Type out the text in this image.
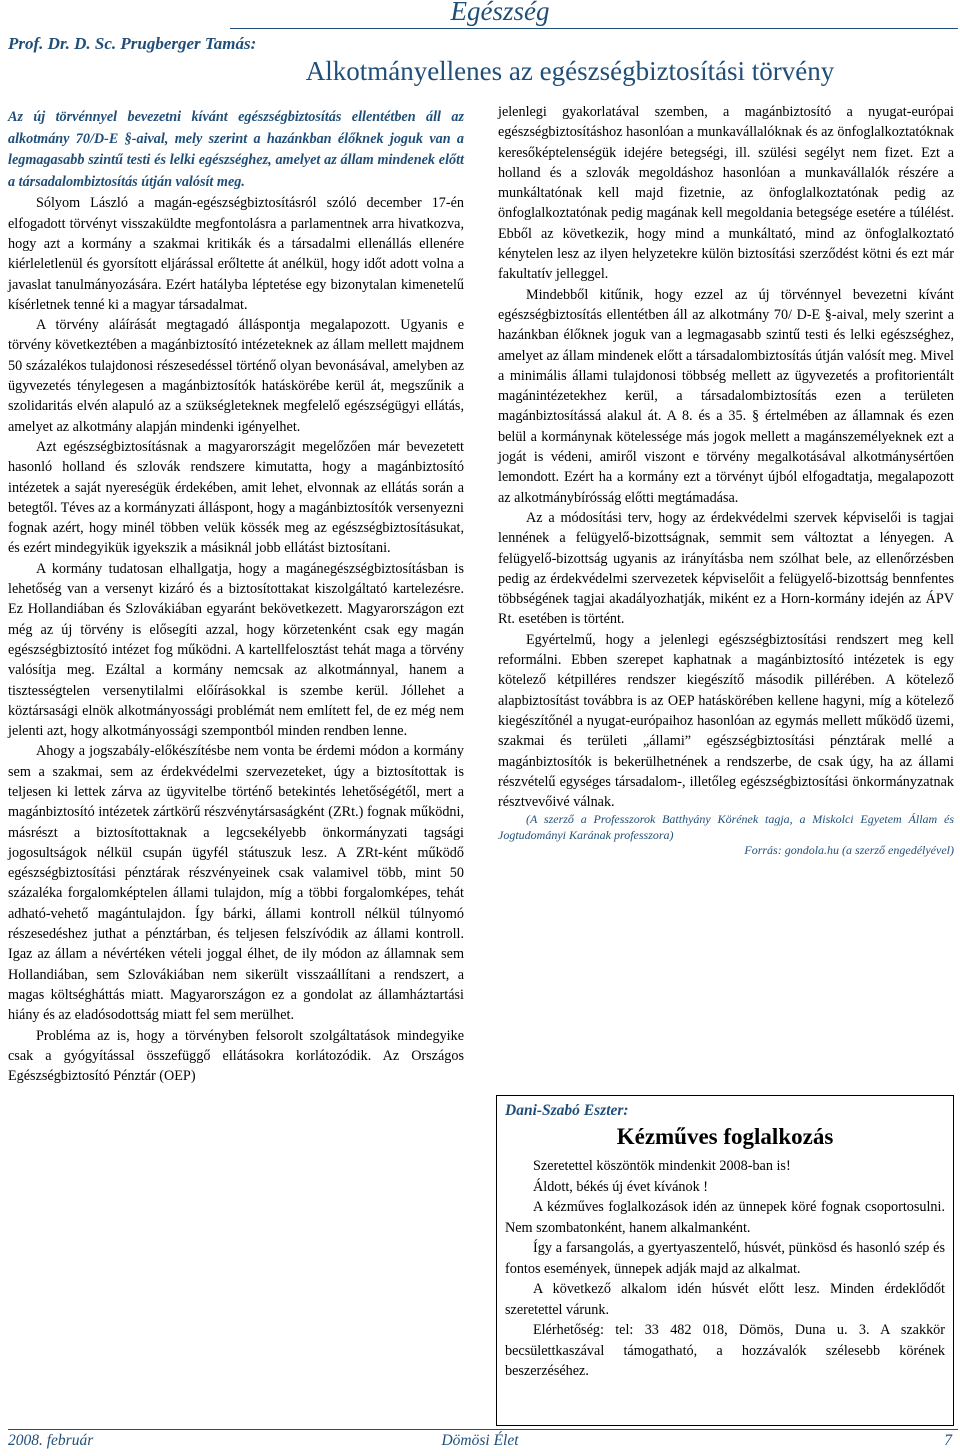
Egészség
Prof. Dr. D. Sc. Prugberger Tamás:
Alkotmányellenes az egészségbiztosítási törvény

Az új törvénnyel bevezetni kívánt egészségbiztosítás ellentétben áll az alkotmány 70/D-E §-aival, mely szerint a hazánkban élőknek joguk van a legmagasabb szintű testi és lelki egészséghez, amelyet az állam mindenek előtt a társadalombiztosítás útján valósít meg.

Sólyom László a magán-egészségbiztosításról szóló december 17-én elfogadott törvényt visszaküldte megfontolásra a parlamentnek arra hivatkozva, hogy azt a kormány a szakmai kritikák és a társadalmi ellenállás ellenére kiérleletlenül és gyorsított eljárással erőltette át anélkül, hogy időt adott volna a javaslat tanulmányozására. Ezért hatályba léptetése egy bizonytalan kimenetelű kísérletnek tenné ki a magyar társadalmat.

A törvény aláírását megtagadó álláspontja megalapozott. Ugyanis e törvény következtében a magánbiztosító intézeteknek az állam mellett majdnem 50 százalékos tulajdonosi részesedéssel történő olyan bevonásával, amelyben az ügyvezetés ténylegesen a magánbiztosítók hatáskörébe kerül át, megszűnik a szolidaritás elvén alapuló az a szükségleteknek megfelelő egészségügyi ellátás, amelyet az alkotmány alapján mindenki igényelhet.

Azt egészségbiztosításnak a magyarországit megelőzően már bevezetett hasonló holland és szlovák rendszere kimutatta, hogy a magánbiztosító intézetek a saját nyereségük érdekében, amit lehet, elvonnak az ellátás során a betegtől. Téves az a kormányzati álláspont, hogy a magánbiztosítók versenyezni fognak azért, hogy minél többen velük kössék meg az egészségbiztosításukat, és ezért mindegyikük igyekszik a másiknál jobb ellátást biztosítani.

A kormány tudatosan elhallgatja, hogy a magánegészségbiztosításban is lehetőség van a versenyt kizáró és a biztosítottakat kiszolgáltató kartelezésre. Ez Hollandiában és Szlovákiában egyaránt bekövetkezett. Magyarországon ezt még az új törvény is elősegíti azzal, hogy körzetenként csak egy magán egészségbiztosító intézet fog működni. A kartellfelosztást tehát maga a törvény valósítja meg. Ezáltal a kormány nemcsak az alkotmánnyal, hanem a tisztességtelen versenytilalmi előírásokkal is szembe kerül. Jóllehet a köztársasági elnök alkotmányossági problémát nem említett fel, de ez még nem jelenti azt, hogy alkotmányossági szempontból minden rendben lenne.

Ahogy a jogszabály-előkészítésbe nem vonta be érdemi módon a kormány sem a szakmai, sem az érdekvédelmi szervezeteket, úgy a biztosítottak is teljesen ki lettek zárva az ügyvitelbe történő betekintés lehetőségétől, mert a magánbiztosító intézetek zártkörű részvénytársaságként (ZRt.) fognak működni, másrészt a biztosítottaknak a legcsekélyebb önkormányzati tagsági jogosultságok nélkül csupán ügyfél státuszuk lesz. A ZRt-ként működő egészségbiztosítási pénztárak részvényeinek csak valamivel több, mint 50 százaléka forgalomképtelen állami tulajdon, míg a többi forgalomképes, tehát adható-vehető magántulajdon. Így bárki, állami kontroll nélkül túlnyomó részesedéshez juthat a pénztárban, és teljesen felszívódik az állami kontroll. Igaz az állam a névértéken vételi joggal élhet, de ily módon az államnak sem Hollandiában, sem Szlovákiában nem sikerült visszaállítani a rendszert, a magas költségháttás miatt. Magyarországon ez a gondolat az államháztartási hiány és az eladósodottság miatt fel sem merülhet.

Probléma az is, hogy a törvényben felsorolt szolgáltatások mindegyike csak a gyógyítással összefüggő ellátásokra korlátozódik. Az Országos Egészségbiztosító Pénztár (OEP)

jelenlegi gyakorlatával szemben, a magánbiztosító a nyugat-európai egészségbiztosításhoz hasonlóan a munkavállalóknak és az önfoglalkoztatóknak keresőképtelenségük idejére betegségi, ill. szülési segélyt nem fizet. Ezt a holland és a szlovák megoldáshoz hasonlóan a munkavállalók részére a munkáltatónak kell majd fizetnie, az önfoglalkoztatónak pedig az önfoglalkoztatónak pedig magának kell megoldania betegsége esetére a túlélést. Ebből az következik, hogy mind a munkáltató, mind az önfoglalkoztató kénytelen lesz az ilyen helyzetekre külön biztosítási szerződést kötni és ezt már fakultatív jelleggel.

Mindebből kitűnik, hogy ezzel az új törvénnyel bevezetni kívánt egészségbiztosítás ellentétben áll az alkotmány 70/ D-E §-aival, mely szerint a hazánkban élőknek joguk van a legmagasabb szintű testi és lelki egészséghez, amelyet az állam mindenek előtt a társadalombiztosítás útján valósít meg. Mivel a minimális állami tulajdonosi többség mellett az ügyvezetés a profitorientált magánintézetekhez kerül, a társadalombiztosítás ezen a területen magánbiztosítássá alakul át. A 8. és a 35. § értelmében az államnak és ezen belül a kormánynak kötelessége más jogok mellett a magánszemélyeknek ezt a jogát is védeni, amiről viszont e törvény megalkotásával alkotmánysértően lemondott. Ezért ha a kormány ezt a törvényt újból elfogadtatja, megalapozott az alkotmánybírósság előtti megtámadása.

Az a módosítási terv, hogy az érdekvédelmi szervek képviselői is tagjai lennének a felügyelő-bizottságnak, semmit sem változtat a lényegen. A felügyelő-bizottság ugyanis az irányításba nem szólhat bele, az ellenőrzésben pedig az érdekvédelmi szervezetek képviselőit a felügyelő-bizottság bennfentes többségének tagjai akadályozhatják, miként ez a Horn-kormány idején az ÁPV Rt. esetében is történt.

Egyértelmű, hogy a jelenlegi egészségbiztosítási rendszert meg kell reformálni. Ebben szerepet kaphatnak a magánbiztosító intézetek is egy kötelező kétpilléres rendszer kiegészítő második pillérében. A kötelező alapbiztosítást továbbra is az OEP hatáskörében kellene hagyni, míg a kötelező kiegészítőnél a nyugat-európaihoz hasonlóan az egymás mellett működő üzemi, szakmai és területi „állami” egészségbiztosítási pénztárak mellé a magánbiztosítók is bekerülhetnének a rendszerbe, de csak úgy, ha az állami részvételű egységes társadalom-, illetőleg egészségbiztosítási önkormányzatnak résztvevőivé válnak.

(A szerző a Professzorok Batthyány Körének tagja, a Miskolci Egyetem Állam és Jogtudományi Karának professzora)

Forrás: gondola.hu (a szerző engedélyével)

Dani-Szabó Eszter:

Kézműves foglalkozás

Szeretettel köszöntök mindenkit 2008-ban is!

Áldott, békés új évet kívánok !

A kézműves foglalkozások idén az ünnepek köré fognak csoportosulni. Nem szombatonként, hanem alkalmanként.

Így a farsangolás, a gyertyaszentelő, húsvét, pünkösd és hasonló szép és fontos események, ünnepek adják majd az alkalmat.

A következő alkalom idén húsvét előtt lesz. Minden érdeklődőt szeretettel várunk.

Elérhetőség: tel: 33 482 018, Dömös, Duna u. 3. A szakkör becsülettkaszával támogatható, a hozzávalók szélesebb körének beszerzéséhez.

2008. február	Dömösi Élet	7
